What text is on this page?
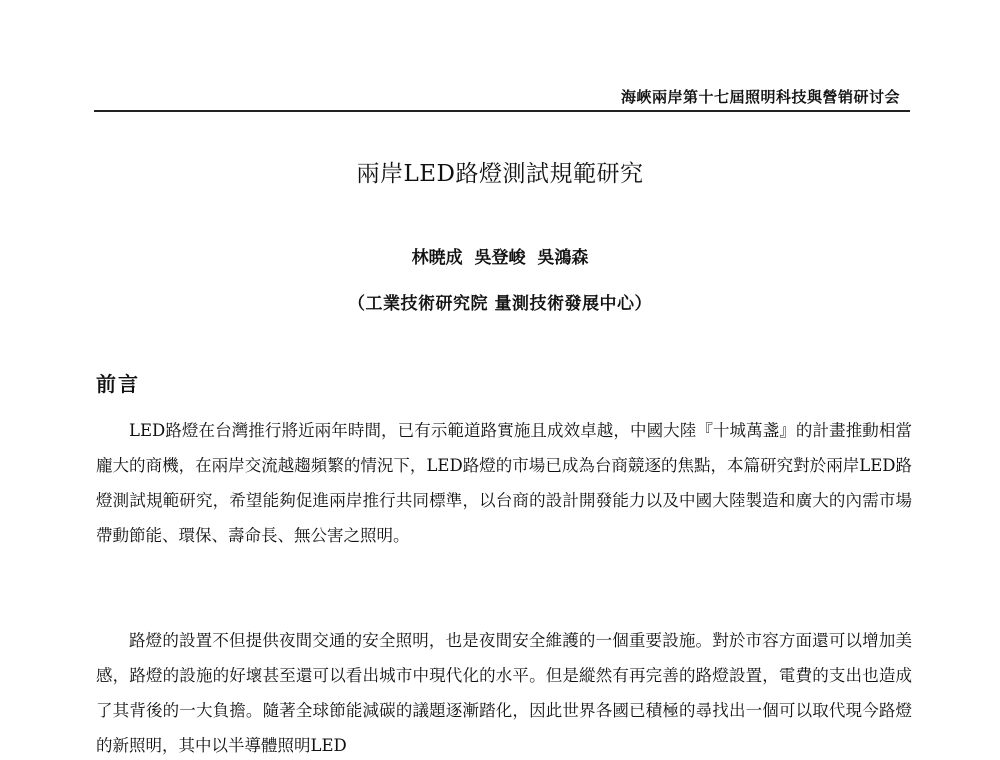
海峽兩岸第十七屆照明科技與營销研讨会
兩岸LED路燈測試規範研究
林暁成 吳登峻 吳鴻森
（工業技術研究院 量測技術發展中心）
前言

LED路燈在台灣推行將近兩年時間，已有示範道路實施且成效卓越，中國大陸『十城萬盞』的計畫推動相當龐大的商機，在兩岸交流越趨頻繁的情況下，LED路燈的市場已成為台商競逐的焦點，本篇研究對於兩岸LED路燈測試規範研究，希望能夠促進兩岸推行共同標準，以台商的設計開發能力以及中國大陸製造和廣大的內需市場帶動節能、環保、壽命長、無公害之照明。

路燈的設置不但提供夜間交通的安全照明，也是夜間安全維護的一個重要設施。對於市容方面還可以增加美感，路燈的設施的好壞甚至還可以看出城市中現代化的水平。但是縱然有再完善的路燈設置，電費的支出也造成了其背後的一大負擔。隨著全球節能減碳的議題逐漸踏化，因此世界各國已積極的尋找出一個可以取代現今路燈的新照明，其中以半導體照明LED
